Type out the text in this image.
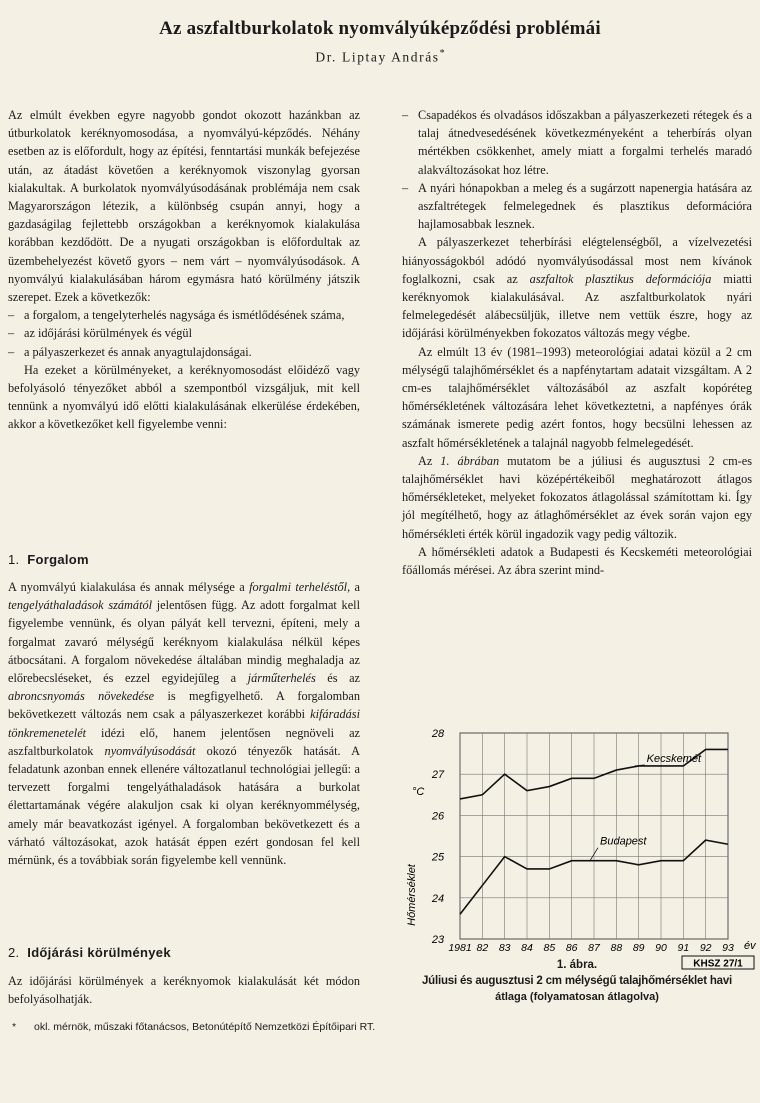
Az aszfaltburkolatok nyomvályúképződési problémái
Dr. Liptay András*

Az elmúlt években egyre nagyobb gondot okozott hazánkban az útburkolatok keréknyomosodása, a nyomvályú-képződés. Néhány esetben az is előfordult, hogy az építési, fenntartási munkák befejezése után, az átadást követően a keréknyomok viszonylag gyorsan kialakultak. A burkolatok nyomvályúsodásának problémája nem csak Magyarországon létezik, a különbség csupán annyi, hogy a gazdaságilag fejlettebb országokban a keréknyomok kialakulása korábban kezdődött. De a nyugati országokban is előfordultak az üzembehelyezést követő gyors – nem várt – nyomvályúsodások. A nyomvályú kialakulásában három egymásra ható körülmény játszik szerepet. Ezek a következők:

– a forgalom, a tengelyterhelés nagysága és ismétlődésének száma,
– az időjárási körülmények és végül
– a pályaszerkezet és annak anyagtulajdonságai.

Ha ezeket a körülményeket, a keréknyomosodást előidéző vagy befolyásoló tényezőket abból a szempontból vizsgáljuk, mit kell tennünk a nyomvályú idő előtti kialakulásának elkerülése érdekében, akkor a következőket kell figyelembe venni:

1. Forgalom

A nyomvályú kialakulása és annak mélysége a forgalmi terheléstől, a tengelyáthaladások számától jelentősen függ. Az adott forgalmat kell figyelembe vennünk, és olyan pályát kell tervezni, építeni, mely a forgalmat zavaró mélységű keréknyom kialakulása nélkül képes átbocsátani. A forgalom növekedése általában mindig meghaladja az előrebecsléseket, és ezzel egyidejűleg a járműterhelés és az abroncsnyomás növekedése is megfigyelhető. A forgalomban bekövetkezett változás nem csak a pályaszerkezet korábbi kifáradási tönkremenetelét idézi elő, hanem jelentősen negnöveli az aszfaltburkolatok nyomvályúsodását okozó tényezők hatását. A feladatunk azonban ennek ellenére változatlanul technológiai jellegű: a tervezett forgalmi tengelyáthaladások hatására a burkolat élettartamának végére alakuljon csak ki olyan keréknyommélység, amely már beavatkozást igényel. A forgalomban bekövetkezett és a várható változásokat, azok hatását éppen ezért gondosan fel kell mérnünk, és a továbbiak során figyelembe kell vennünk.

2. Időjárási körülmények

Az időjárási körülmények a keréknyomok kialakulását két módon befolyásolhatják.

* okl. mérnök, műszaki főtanácsos, Betonútépítő Nemzetközi Építőipari RT.
– Csapadékos és olvadásos időszakban a pályaszerkezeti rétegek és a talaj átnedvesedésének következményeként a teherbírás olyan mértékben csökkenhet, amely miatt a forgalmi terhelés maradó alakváltozásokat hoz létre.
– A nyári hónapokban a meleg és a sugárzott napenergia hatására az aszfaltrétegek felmelegednek és plasztikus deformációra hajlamosabbak lesznek.

A pályaszerkezet teherbírási elégtelenségből, a vízelvezetési hiányosságokból adódó nyomvályúsodással most nem kívánok foglalkozni, csak az aszfaltok plasztikus deformációja miatti keréknyomok kialakulásával. Az aszfaltburkolatok nyári felmelegedését alábecsüljük, illetve nem vettük észre, hogy az időjárási körülményekben fokozatos változás megy végbe.

Az elmúlt 13 év (1981–1993) meteorológiai adatai közül a 2 cm mélységű talajhőmérséklet és a napfénytartam adatait vizsgáltam. A 2 cm-es talajhőmérséklet változásából az aszfalt kopóréteg hőmérsékletének változására lehet következtetni, a napfényes órák számának ismerete pedig azért fontos, hogy becsülni lehessen az aszfalt hőmérsékletének a talajnál nagyobb felmelegedését.

Az 1. ábrában mutatom be a júliusi és augusztusi 2 cm-es talajhőmérséklet havi középértékeiből meghatározott átlagos hőmérsékleteket, melyeket fokozatos átlagolással számítottam ki. Így jól megítélhető, hogy az átlaghőmérséklet az évek során vajon egy hőmérsékleti érték körül ingadozik vagy pedig változik.

A hőmérsékleti adatok a Budapesti és Kecskeméti meteorológiai főállomás mérései. Az ábra szerint mind-

1981 82 83 84 85 86 87 88 89 90 91 92 93
23
24
25
26
27
28
Kecskemét
Budapest
Hőmérséklet
°C
év
KHSZ 27/1
1. ábra.
Júliusi és augusztusi 2 cm mélységű talajhőmérséklet havi
átlaga (folyamatosan átlagolva)
